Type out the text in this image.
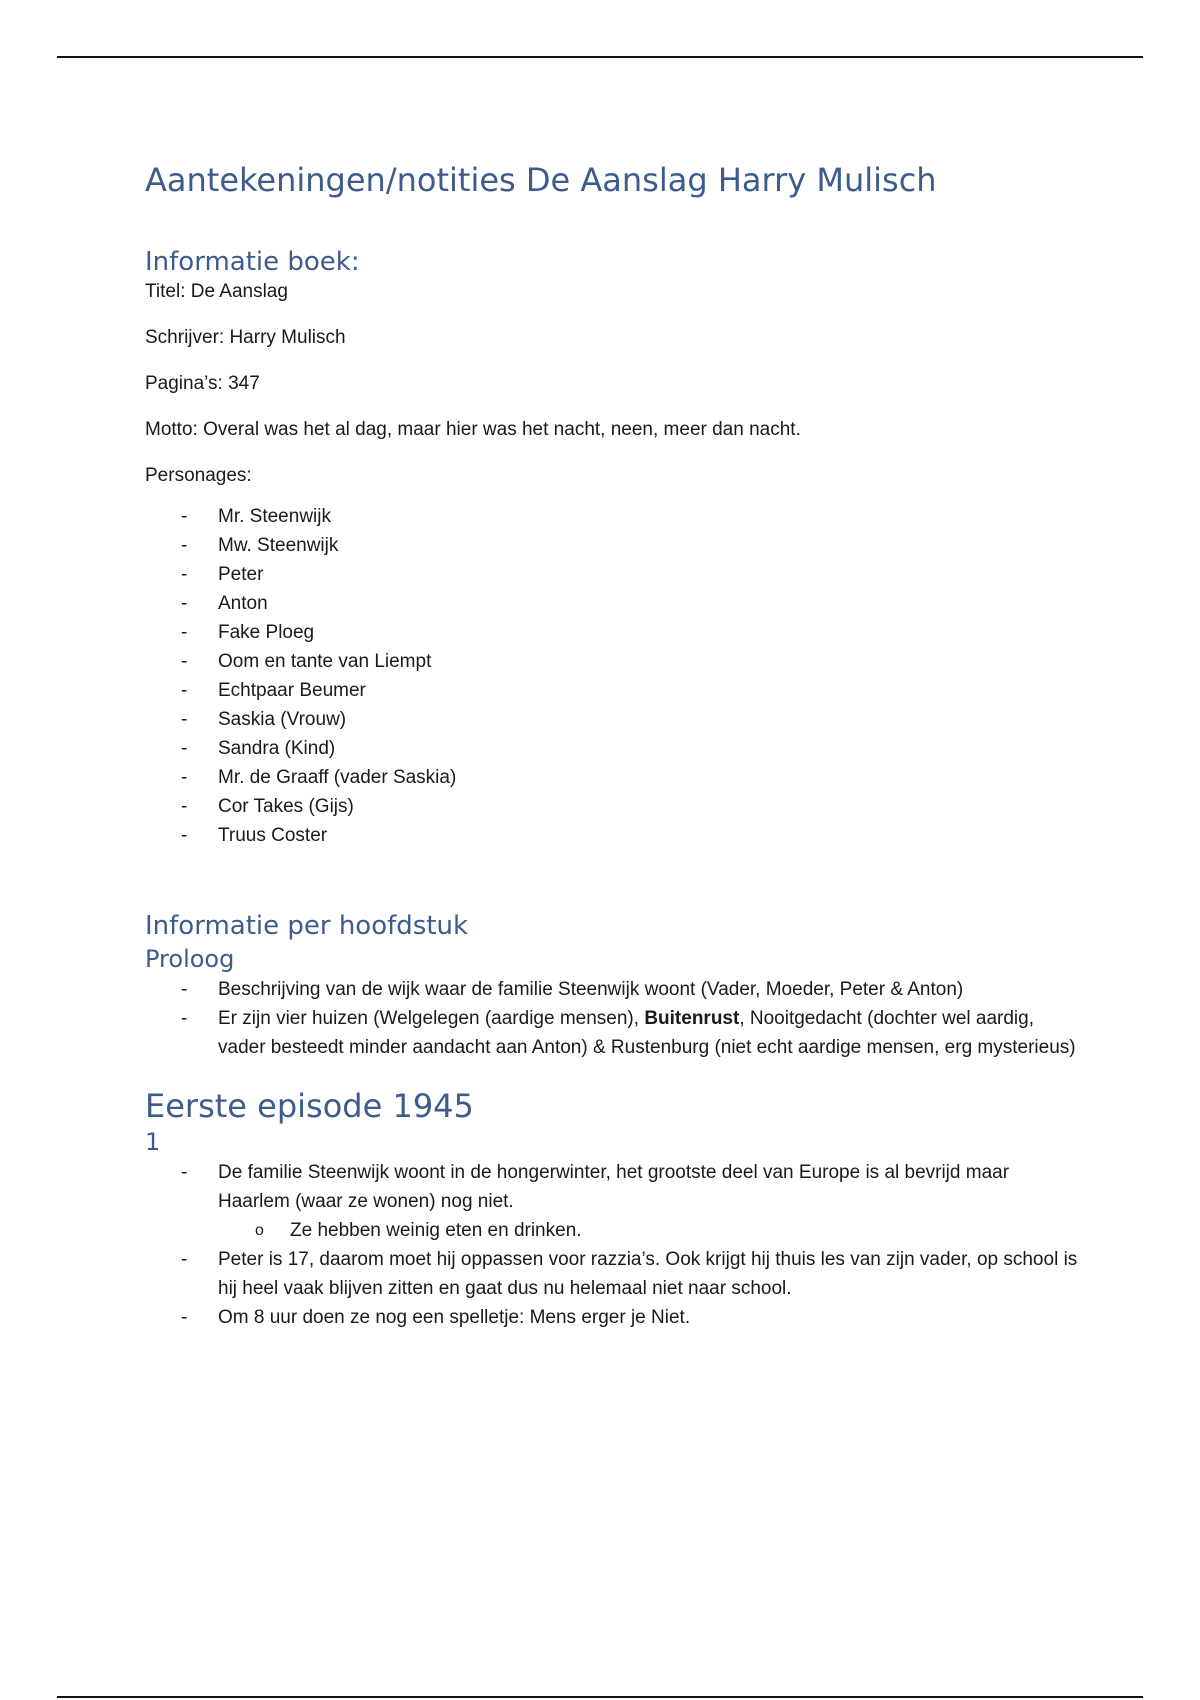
Aantekeningen/notities De Aanslag Harry Mulisch
Informatie boek:

Titel: De Aanslag

Schrijver: Harry Mulisch

Pagina’s: 347

Motto: Overal was het al dag, maar hier was het nacht, neen, meer dan nacht.

Personages:

- Mr. Steenwijk
- Mw. Steenwijk
- Peter
- Anton
- Fake Ploeg
- Oom en tante van Liempt
- Echtpaar Beumer
- Saskia (Vrouw)
- Sandra (Kind)
- Mr. de Graaff (vader Saskia)
- Cor Takes (Gijs)
- Truus Coster
Informatie per hoofdstuk
Proloog
- Beschrijving van de wijk waar de familie Steenwijk woont (Vader, Moeder, Peter & Anton)
- Er zijn vier huizen (Welgelegen (aardige mensen), Buitenrust, Nooitgedacht (dochter wel aardig, vader besteedt minder aandacht aan Anton) & Rustenburg (niet echt aardige mensen, erg mysterieus)
Eerste episode 1945
1
- De familie Steenwijk woont in de hongerwinter, het grootste deel van Europe is al bevrijd maar Haarlem (waar ze wonen) nog niet.
o Ze hebben weinig eten en drinken.
- Peter is 17, daarom moet hij oppassen voor razzia’s. Ook krijgt hij thuis les van zijn vader, op school is hij heel vaak blijven zitten en gaat dus nu helemaal niet naar school.
- Om 8 uur doen ze nog een spelletje: Mens erger je Niet.
